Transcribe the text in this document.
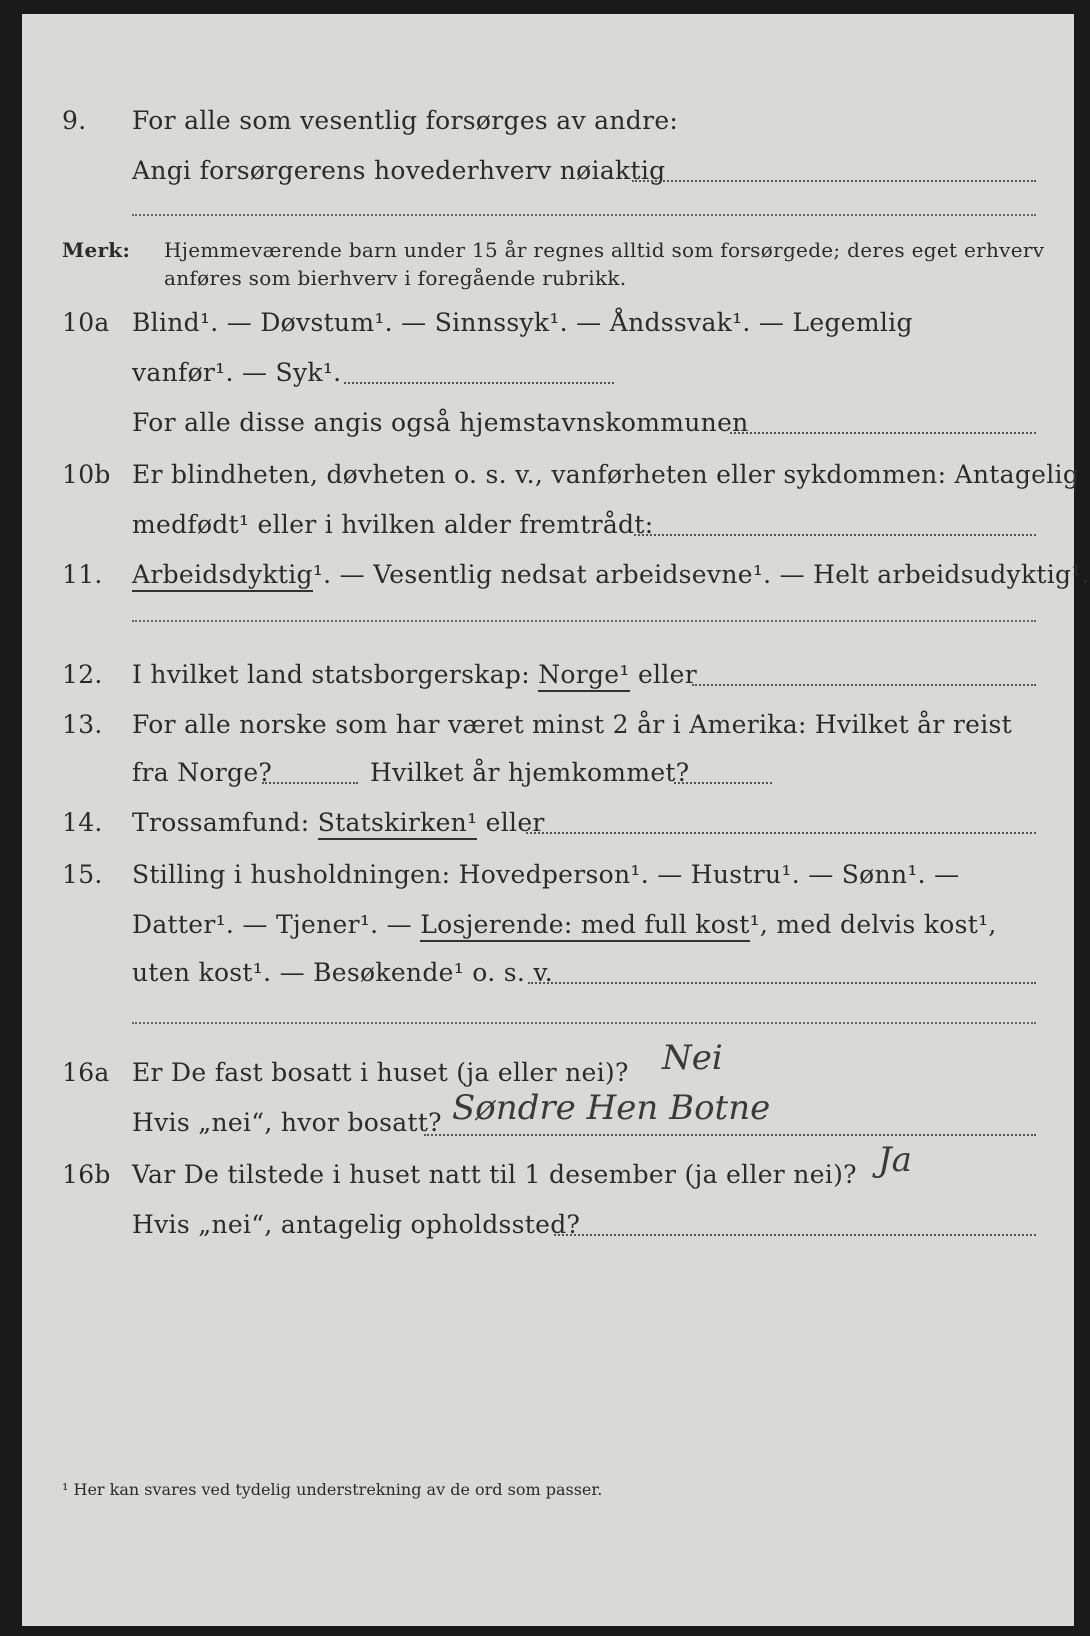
9. For alle som vesentlig forsørges av andre:
Angi forsørgerens hovederhverv nøiaktig
Merk: Hjemmeværende barn under 15 år regnes alltid som forsørgede; deres eget erhverv
anføres som bierhverv i foregående rubrikk.
10a Blind¹. — Døvstum¹. — Sinnssyk¹. — Åndssvak¹. — Legemlig
vanfør¹. — Syk¹.
For alle disse angis også hjemstavnskommunen
10b Er blindheten, døvheten o. s. v., vanførheten eller sykdommen: Antagelig
medfødt¹ eller i hvilken alder fremtrådt:
11. Arbeidsdyktig¹. — Vesentlig nedsat arbeidsevne¹. — Helt arbeidsudyktig¹.
12. I hvilket land statsborgerskap: Norge¹ eller
13. For alle norske som har været minst 2 år i Amerika: Hvilket år reist
fra Norge?	Hvilket år hjemkommet?
14. Trossamfund: Statskirken¹ eller
15. Stilling i husholdningen: Hovedperson¹. — Hustru¹. — Sønn¹. —
Datter¹. — Tjener¹. — Losjerende: med full kost¹, med delvis kost¹,
uten kost¹. — Besøkende¹ o. s. v.
16a Er De fast bosatt i huset (ja eller nei)? Nei
Hvis „nei“, hvor bosatt? Søndre Hen Botne
16b Var De tilstede i huset natt til 1 desember (ja eller nei)? Ja
Hvis „nei“, antagelig opholdssted?
¹ Her kan svares ved tydelig understrekning av de ord som passer.
